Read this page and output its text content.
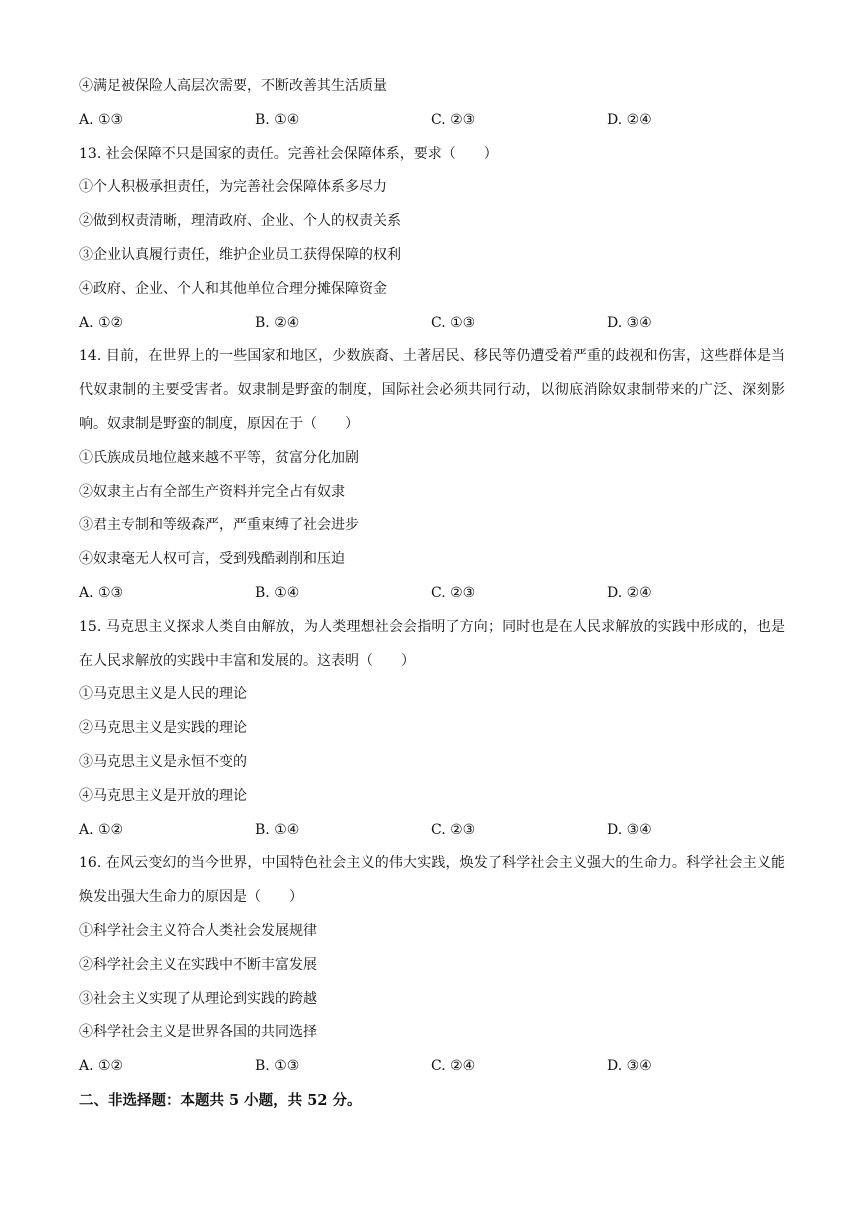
④满足被保险人高层次需要，不断改善其生活质量
A. ①③	B. ①④	C. ②③	D. ②④
13. 社会保障不只是国家的责任。完善社会保障体系，要求（　　）
①个人积极承担责任，为完善社会保障体系多尽力
②做到权责清晰，理清政府、企业、个人的权责关系
③企业认真履行责任，维护企业员工获得保障的权利
④政府、企业、个人和其他单位合理分摊保障资金
A. ①②	B. ②④	C. ①③	D. ③④
14. 目前，在世界上的一些国家和地区，少数族裔、土著居民、移民等仍遭受着严重的歧视和伤害，这些群体是当代奴隶制的主要受害者。奴隶制是野蛮的制度，国际社会必须共同行动，以彻底消除奴隶制带来的广泛、深刻影响。奴隶制是野蛮的制度，原因在于（　　）
①氏族成员地位越来越不平等，贫富分化加剧
②奴隶主占有全部生产资料并完全占有奴隶
③君主专制和等级森严，严重束缚了社会进步
④奴隶毫无人权可言，受到残酷剥削和压迫
A. ①③	B. ①④	C. ②③	D. ②④
15. 马克思主义探求人类自由解放，为人类理想社会会指明了方向；同时也是在人民求解放的实践中形成的，也是在人民求解放的实践中丰富和发展的。这表明（　　）
①马克思主义是人民的理论
②马克思主义是实践的理论
③马克思主义是永恒不变的
④马克思主义是开放的理论
A. ①②	B. ①④	C. ②③	D. ③④
16. 在风云变幻的当今世界，中国特色社会主义的伟大实践，焕发了科学社会主义强大的生命力。科学社会主义能焕发出强大生命力的原因是（　　）
①科学社会主义符合人类社会发展规律
②科学社会主义在实践中不断丰富发展
③社会主义实现了从理论到实践的跨越
④科学社会主义是世界各国的共同选择
A. ①②	B. ①③	C. ②④	D. ③④
二、非选择题：本题共 5 小题，共 52 分。
